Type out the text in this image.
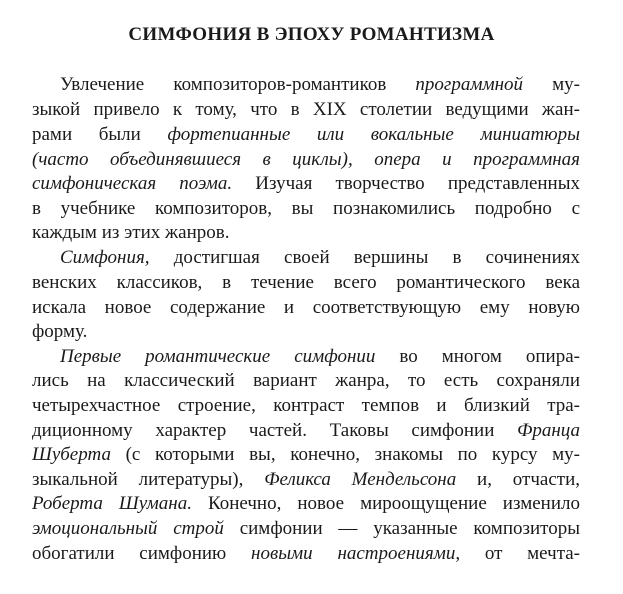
СИМФОНИЯ В ЭПОХУ РОМАНТИЗМА
Увлечение композиторов-романтиков программной му-
зыкой привело к тому, что в XIX столетии ведущими жан-
рами были фортепианные или вокальные миниатюры
(часто объединявшиеся в циклы), опера и программная
симфоническая поэма. Изучая творчество представленных
в учебнике композиторов, вы познакомились подробно с
каждым из этих жанров.
Симфония, достигшая своей вершины в сочинениях
венских классиков, в течение всего романтического века
искала новое содержание и соответствующую ему новую
форму.
Первые романтические симфонии во многом опира-
лись на классический вариант жанра, то есть сохраняли
четырехчастное строение, контраст темпов и близкий тра-
диционному характер частей. Таковы симфонии Франца
Шуберта (с которыми вы, конечно, знакомы по курсу му-
зыкальной литературы), Феликса Мендельсона и, отчасти,
Роберта Шумана. Конечно, новое мироощущение изменило
эмоциональный строй симфонии — указанные композиторы
обогатили симфонию новыми настроениями, от мечта-
